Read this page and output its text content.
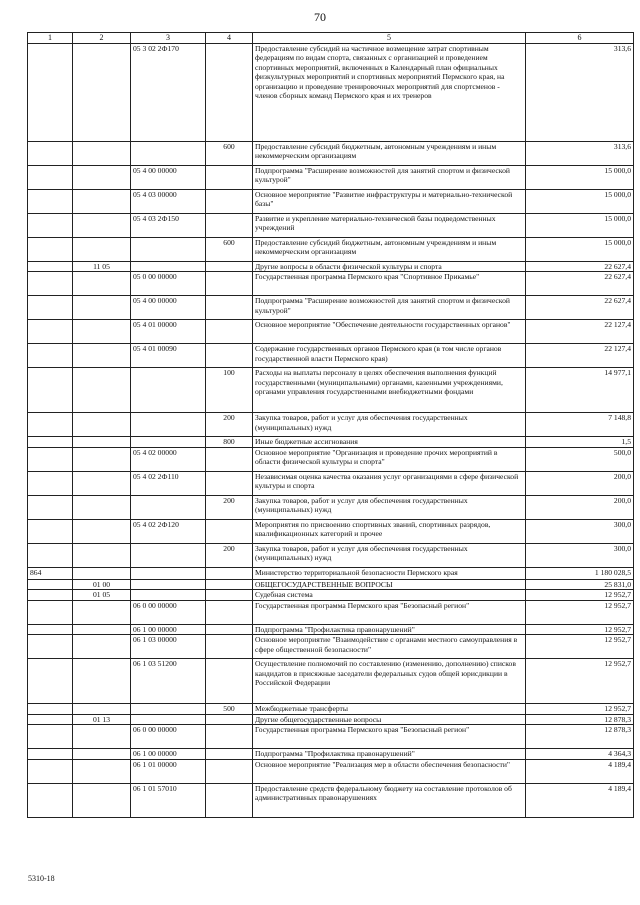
70
1	2	3	4	5	6
		05 3 02 2Ф170		Предоставление субсидий на частичное возмещение затрат спортивным федерациям по видам спорта, связанных с организацией и проведением спортивных мероприятий, включенных в Календарный план официальных физкультурных мероприятий и спортивных мероприятий Пермского края, на организацию и проведение тренировочных мероприятий для спортсменов - членов сборных команд Пермского края и их тренеров	313,6
			600	Предоставление субсидий бюджетным, автономным учреждениям и иным некоммерческим организациям	313,6
		05 4 00 00000		Подпрограмма "Расширение возможностей для занятий спортом и физической культурой"	15 000,0
		05 4 03 00000		Основное мероприятие "Развитие инфраструктуры и материально-технической базы"	15 000,0
		05 4 03 2Ф150		Развитие и укрепление материально-технической базы подведомственных учреждений	15 000,0
			600	Предоставление субсидий бюджетным, автономным учреждениям и иным некоммерческим организациям	15 000,0
	11 05			Другие вопросы в области физической культуры и спорта	22 627,4
		05 0 00 00000		Государственная программа Пермского края "Спортивное Прикамье"	22 627,4
		05 4 00 00000		Подпрограмма "Расширение возможностей для занятий спортом и физической культурой"	22 627,4
		05 4 01 00000		Основное мероприятие "Обеспечение деятельности государственных органов"	22 127,4
		05 4 01 00090		Содержание государственных органов Пермского края (в том числе органов государственной власти Пермского края)	22 127,4
			100	Расходы на выплаты персоналу в целях обеспечения выполнения функций государственными (муниципальными) органами, казенными учреждениями, органами управления государственными внебюджетными фондами	14 977,1
			200	Закупка товаров, работ и услуг для обеспечения государственных (муниципальных) нужд	7 148,8
			800	Иные бюджетные ассигнования	1,5
		05 4 02 00000		Основное мероприятие "Организация и проведение прочих мероприятий в области физической культуры и спорта"	500,0
		05 4 02 2Ф110		Независимая оценка качества оказания услуг организациями в сфере физической культуры и спорта	200,0
			200	Закупка товаров, работ и услуг для обеспечения государственных (муниципальных) нужд	200,0
		05 4 02 2Ф120		Мероприятия по присвоению спортивных званий, спортивных разрядов, квалификационных категорий и прочее	300,0
			200	Закупка товаров, работ и услуг для обеспечения государственных (муниципальных) нужд	300,0
864				Министерство территориальной безопасности Пермского края	1 180 028,5
	01 00			ОБЩЕГОСУДАРСТВЕННЫЕ ВОПРОСЫ	25 831,0
	01 05			Судебная система	12 952,7
		06 0 00 00000		Государственная программа Пермского края "Безопасный регион"	12 952,7
		06 1 00 00000		Подпрограмма "Профилактика правонарушений"	12 952,7
		06 1 03 00000		Основное мероприятие "Взаимодействие с органами местного самоуправления в сфере общественной безопасности"	12 952,7
		06 1 03 51200		Осуществление полномочий по составлению (изменению, дополнению) списков кандидатов в присяжные заседатели федеральных судов общей юрисдикции в Российской Федерации	12 952,7
			500	Межбюджетные трансферты	12 952,7
	01 13			Другие общегосударственные вопросы	12 878,3
		06 0 00 00000		Государственная программа Пермского края "Безопасный регион"	12 878,3
		06 1 00 00000		Подпрограмма "Профилактика правонарушений"	4 364,3
		06 1 01 00000		Основное мероприятие "Реализация мер в области обеспечения безопасности"	4 189,4
		06 1 01 57010		Предоставление средств федеральному бюджету на составление протоколов об административных правонарушениях	4 189,4
5310-18
